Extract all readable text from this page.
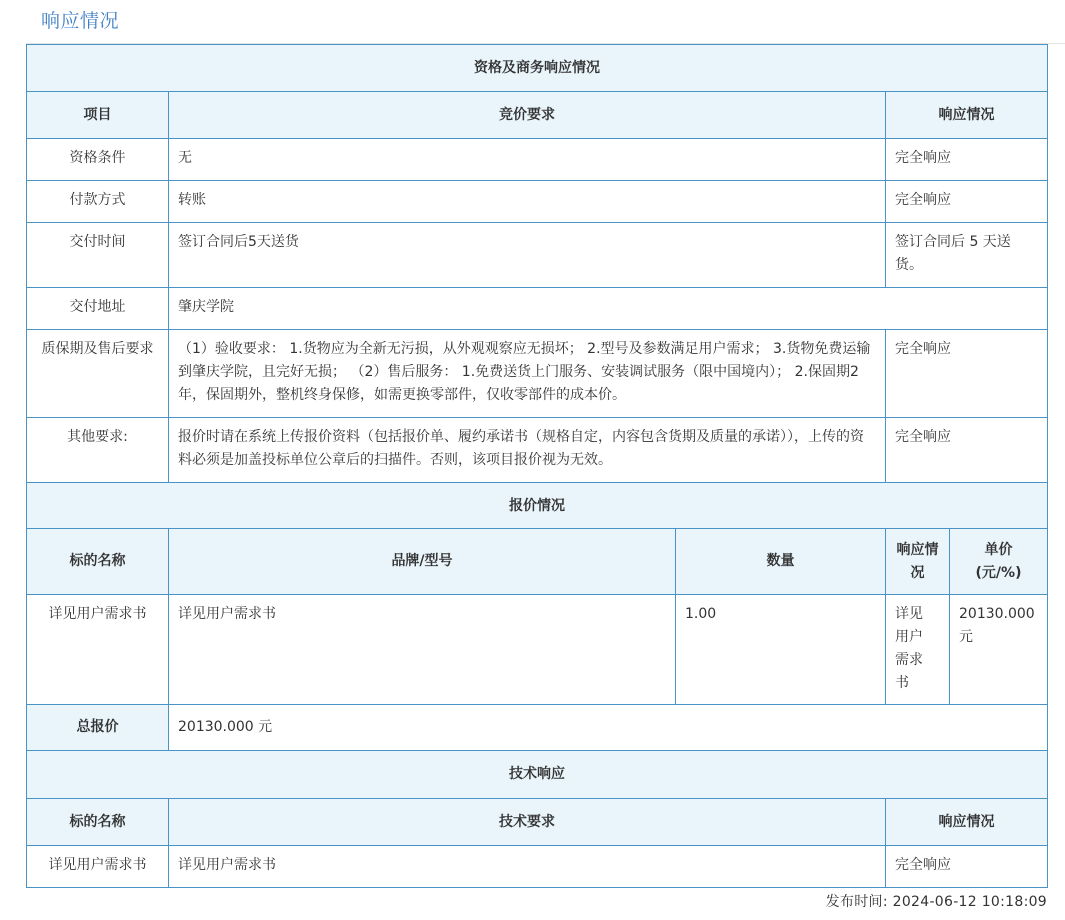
响应情况
资格及商务响应情况		
项目	竞价要求	响应情况
资格条件	无	完全响应
付款方式	转账	完全响应
交付时间	签订合同后5天送货	签订合同后 5 天送货。
交付地址	肇庆学院	
质保期及售后要求	（1）验收要求： 1.货物应为全新无污损，从外观观察应无损坏； 2.型号及参数满足用户需求； 3.货物免费运输到肇庆学院，且完好无损； （2）售后服务： 1.免费送货上门服务、安装调试服务（限中国境内）； 2.保固期2年，保固期外，整机终身保修，如需更换零部件，仅收零部件的成本价。	完全响应
其他要求:	报价时请在系统上传报价资料（包括报价单、履约承诺书（规格自定，内容包含货期及质量的承诺）），上传的资料必须是加盖投标单位公章后的扫描件。否则，该项目报价视为无效。	完全响应
报价情况		
标的名称	品牌/型号	数量	响应情况	单价(元/%)
详见用户需求书	详见用户需求书	1.00	详见用户需求书	20130.000 元
总报价	20130.000 元			
技术响应		
标的名称	技术要求	响应情况
详见用户需求书	详见用户需求书	完全响应
发布时间: 2024-06-12 10:18:09
